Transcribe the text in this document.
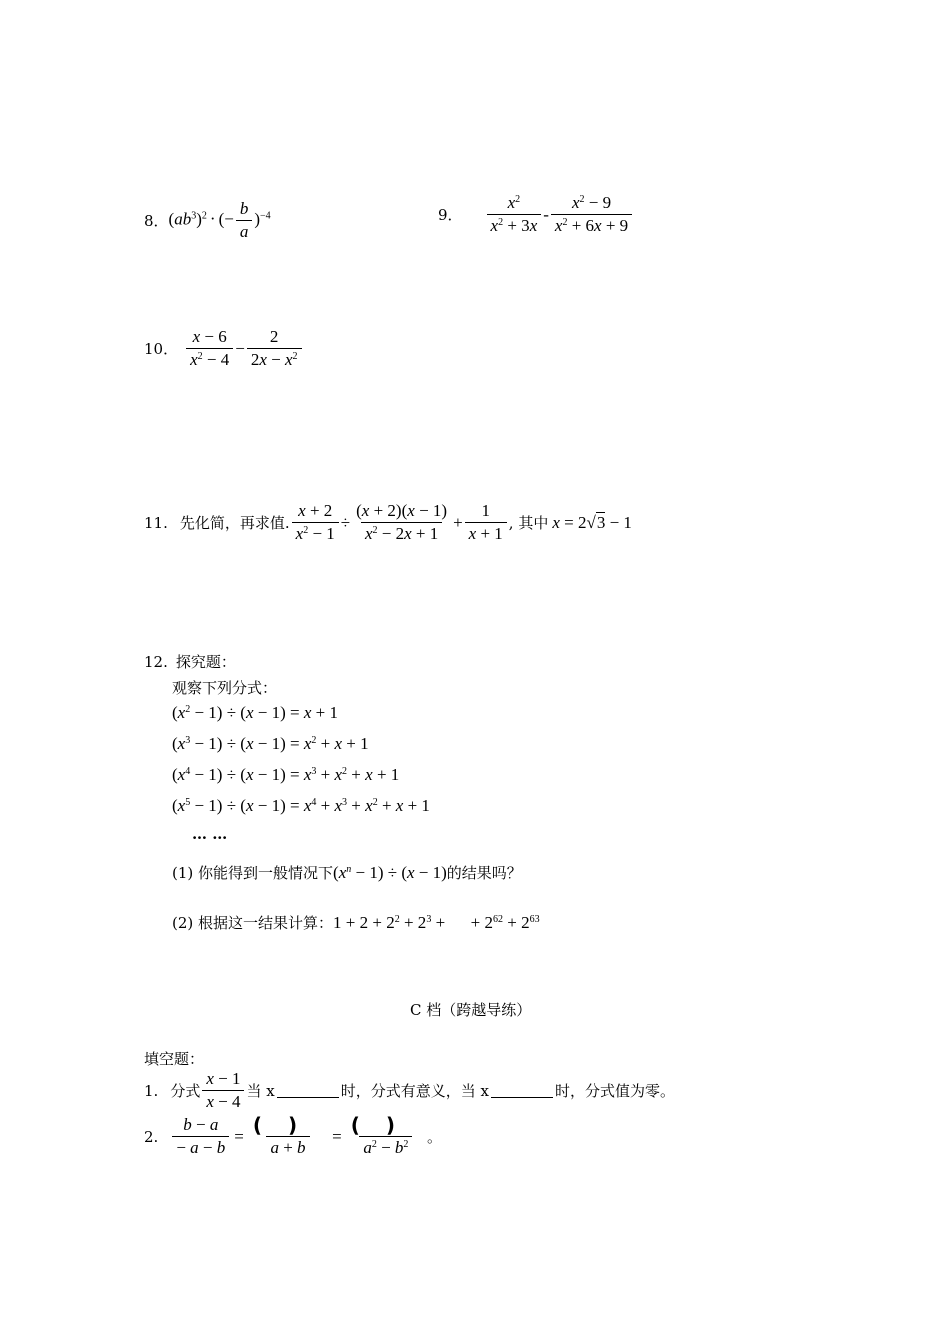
8． $(ab^3)^2$ · (− $\frac{b}{a} )^{-4}$	9． $\frac{x^2}{x^2 + 3x} - \frac{x^2 - 9}{x^2 + 6x + 9}$
10． $\frac{x - 6}{x^2 - 4} - \frac{2}{2x - x^2}$
11. 先化简，再求值. $\frac{x + 2}{x^2 - 1} \div \frac{(x + 2)(x - 1)}{x^2 - 2x + 1} + \frac{1}{x + 1}$ , 其中 x = 2√3 − 1
12. 探究题：
观察下列分式：
$(x^2 - 1) \div (x - 1) = x + 1$
$(x^3 - 1) \div (x - 1) = x^2 + x + 1$
$(x^4 - 1) \div (x - 1) = x^3 + x^2 + x + 1$
$(x^5 - 1) \div (x - 1) = x^4 + x^3 + x^2 + x + 1$
… …
(1) 你能得到一般情况下 $(x^n - 1) \div (x - 1)$ 的结果吗？
(2) 根据这一结果计算： $1 + 2 + 2^2 + 2^3$ +      + $2^{62} + 2^{63}$
C 档（跨越导练）
填空题：
1. 分式 $\frac{x - 1}{x - 4}$ 当 x	时，分式有意义，当 x	时，分式值为零。
2. $\frac{b - a}{- a - b} = \frac{()}{a + b} = \frac{()}{a^2 - b^2}$ 。
